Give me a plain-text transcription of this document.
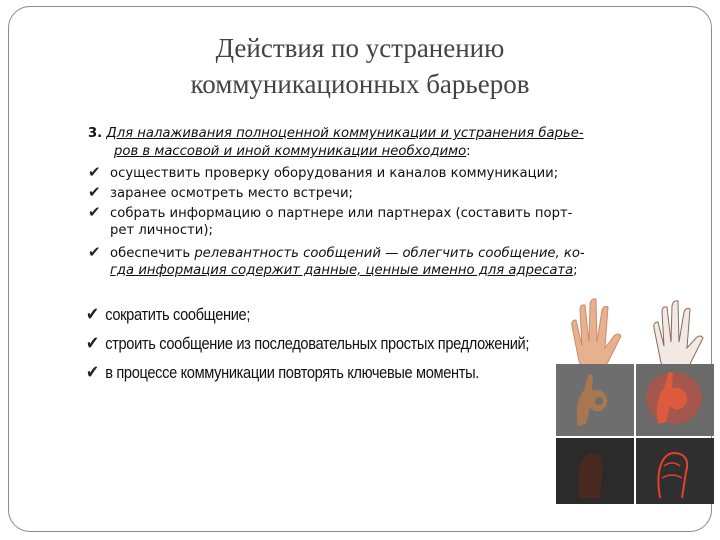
Действия по устранению
коммуникационных барьеров
3. Для налаживания полноценной коммуникации и устранения барье-
ров в массовой и иной коммуникации необходимо:
✔ осуществить проверку оборудования и каналов коммуникации;
✔ заранее осмотреть место встречи;
✔ собрать информацию о партнере или партнерах (составить порт-
рет личности);
✔ обеспечить релевантность сообщений — облегчить сообщение, ко-
гда информация содержит данные, ценные именно для адресата;
✔ сократить сообщение;
✔ строить сообщение из последовательных простых предложений;
✔ в процессе коммуникации повторять ключевые моменты.
